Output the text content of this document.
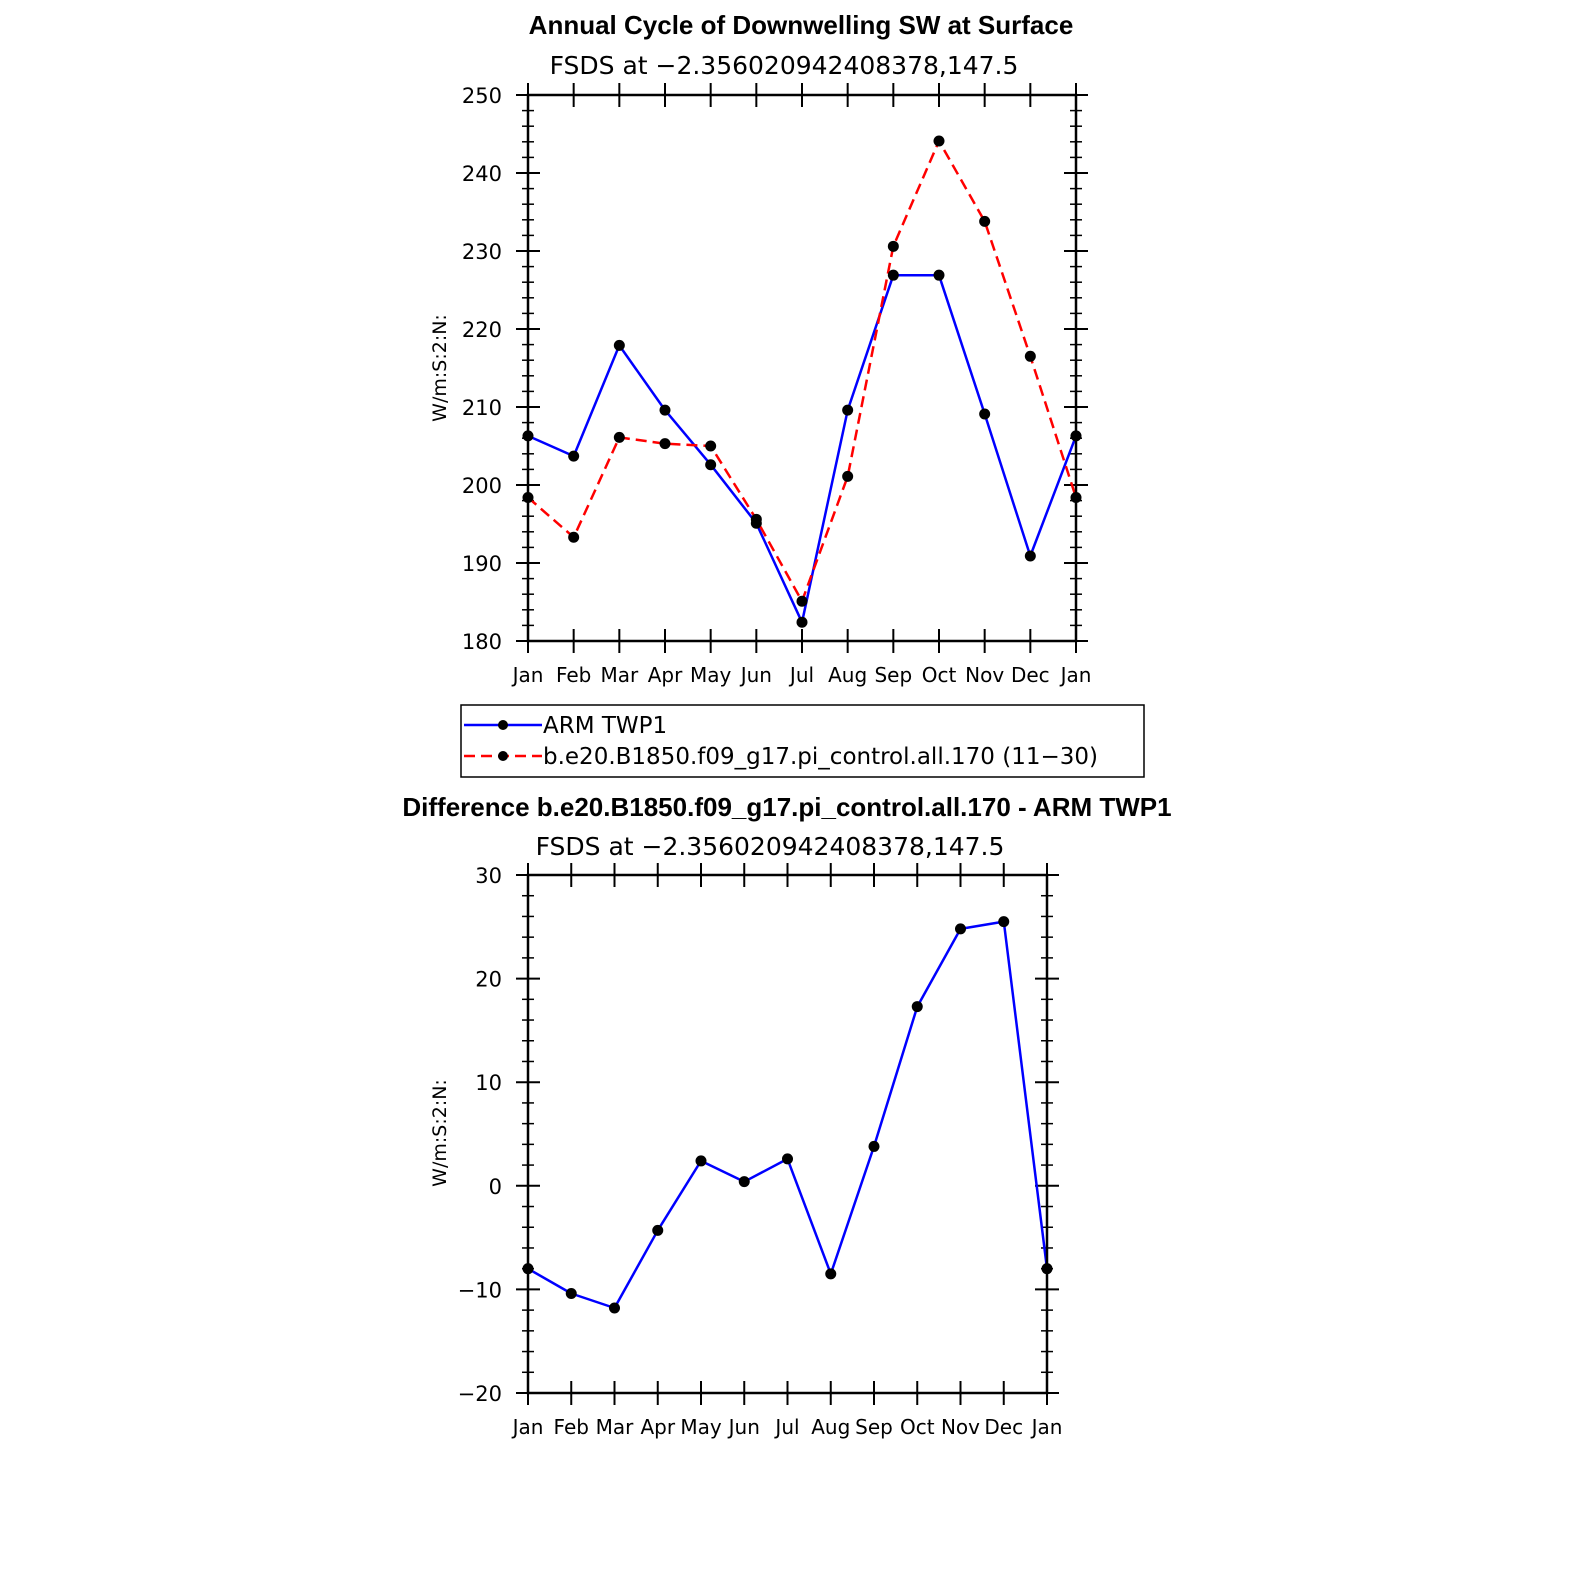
Annual Cycle of Downwelling SW at Surface
FSDS at −2.356020942408378,147.5
W/m:S:2:N:
180
190
200
210
220
230
240
250
Jan Feb Mar Apr May Jun Jul Aug Sep Oct Nov Dec Jan
ARM TWP1
b.e20.B1850.f09_g17.pi_control.all.170 (11−30)
Difference b.e20.B1850.f09_g17.pi_control.all.170 - ARM TWP1
FSDS at −2.356020942408378,147.5
W/m:S:2:N:
−20
−10
0
10
20
30
Jan Feb Mar Apr May Jun Jul Aug Sep Oct Nov Dec Jan
